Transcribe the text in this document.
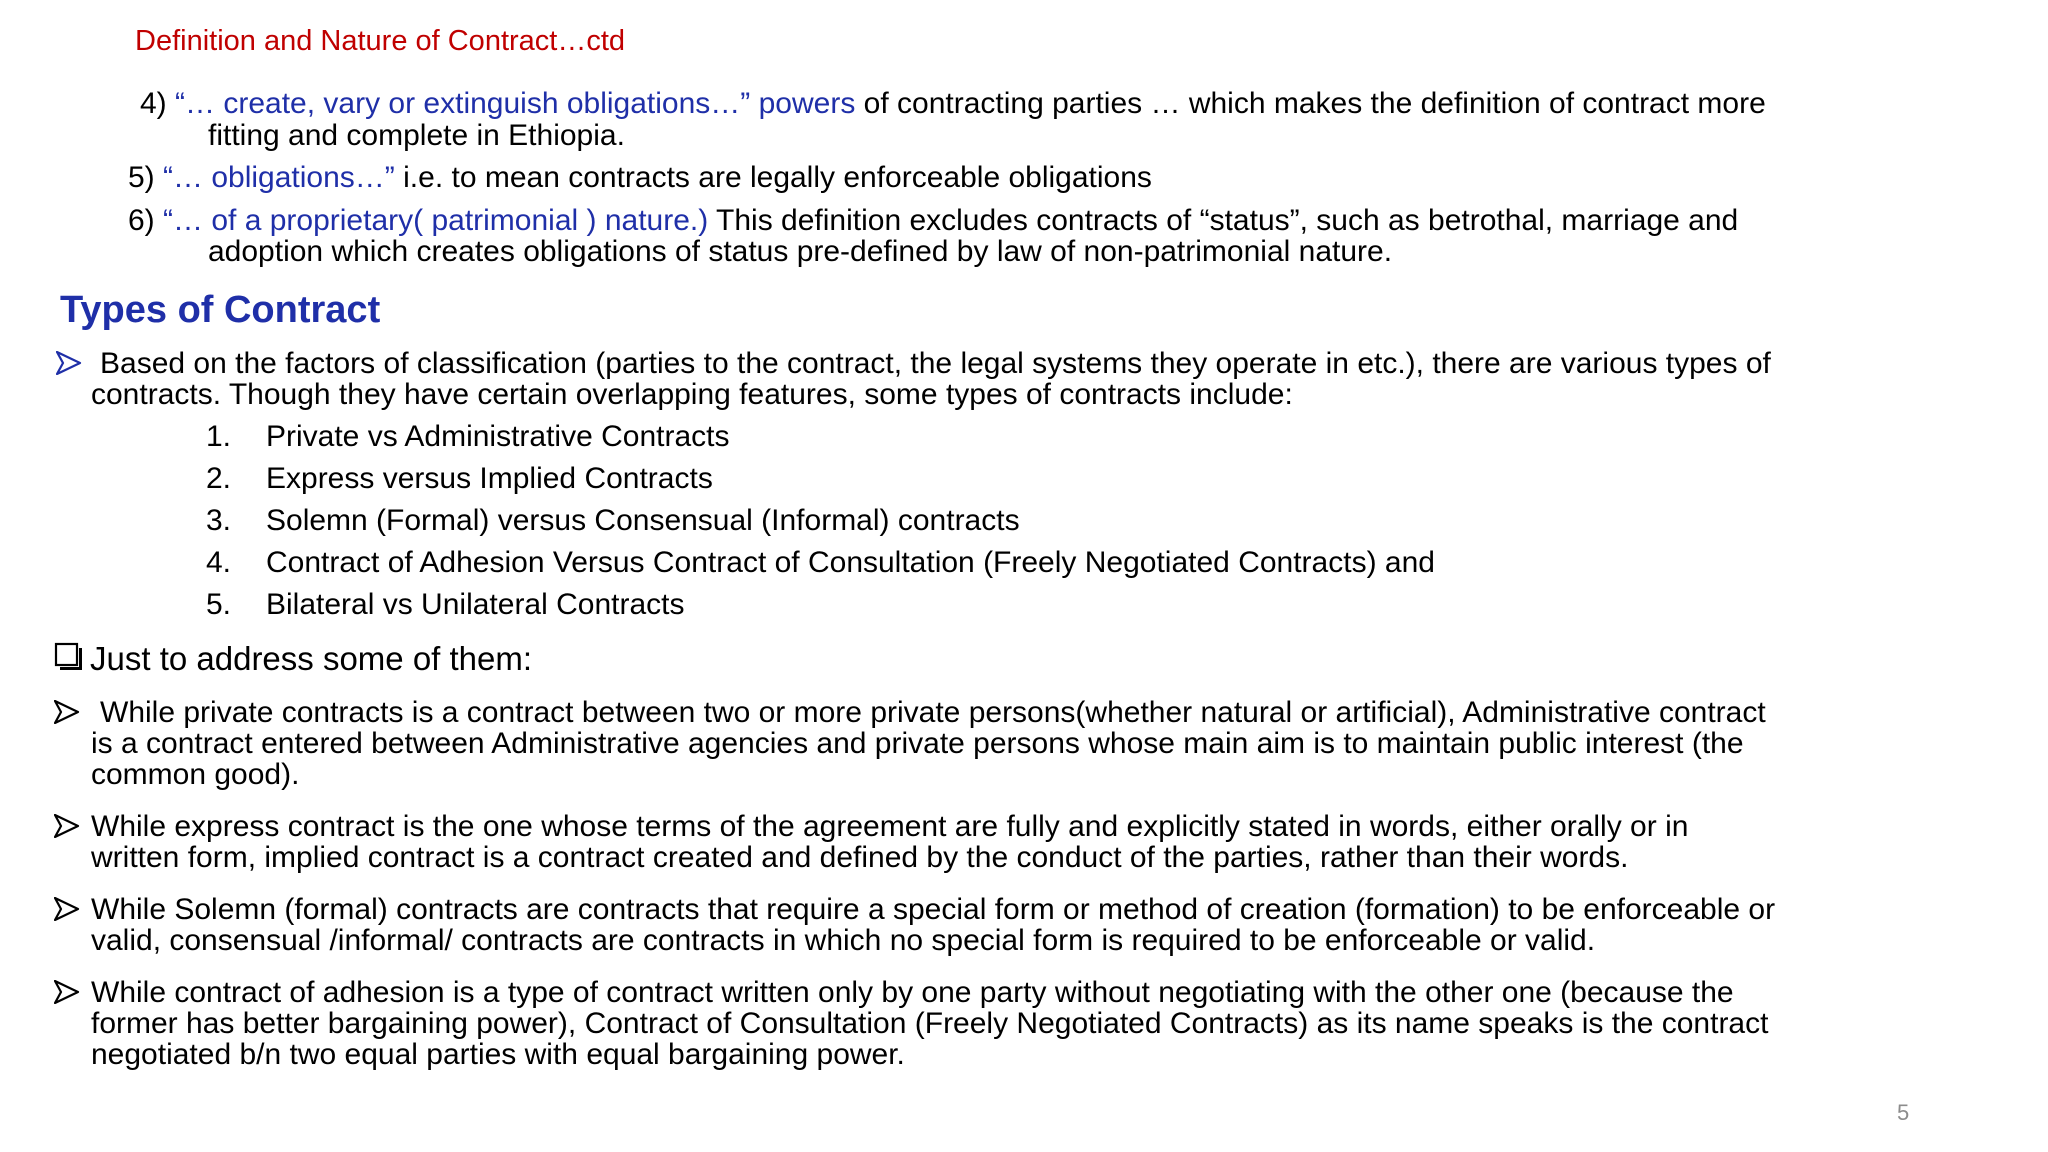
Definition and Nature of Contract…ctd
4) “… create, vary or extinguish obligations…” powers of contracting parties … which makes the definition of contract more
fitting and complete in Ethiopia.
5) “… obligations…” i.e. to mean contracts are legally enforceable obligations
6) “… of a proprietary( patrimonial ) nature.) This definition excludes contracts of “status”, such as betrothal, marriage and
adoption which creates obligations of status pre-defined by law of non-patrimonial nature.
Types of Contract
Based on the factors of classification (parties to the contract, the legal systems they operate in etc.), there are various types of
contracts. Though they have certain overlapping features, some types of contracts include:
1. Private vs Administrative Contracts
2. Express versus Implied Contracts
3. Solemn (Formal) versus Consensual (Informal) contracts
4. Contract of Adhesion Versus Contract of Consultation (Freely Negotiated Contracts) and
5. Bilateral vs Unilateral Contracts
Just to address some of them:
While private contracts is a contract between two or more private persons(whether natural or artificial), Administrative contract
is a contract entered between Administrative agencies and private persons whose main aim is to maintain public interest (the
common good).
While express contract is the one whose terms of the agreement are fully and explicitly stated in words, either orally or in
written form, implied contract is a contract created and defined by the conduct of the parties, rather than their words.
While Solemn (formal) contracts are contracts that require a special form or method of creation (formation) to be enforceable or
valid, consensual /informal/ contracts are contracts in which no special form is required to be enforceable or valid.
While contract of adhesion is a type of contract written only by one party without negotiating with the other one (because the
former has better bargaining power), Contract of Consultation (Freely Negotiated Contracts) as its name speaks is the contract
negotiated b/n two equal parties with equal bargaining power.
5
